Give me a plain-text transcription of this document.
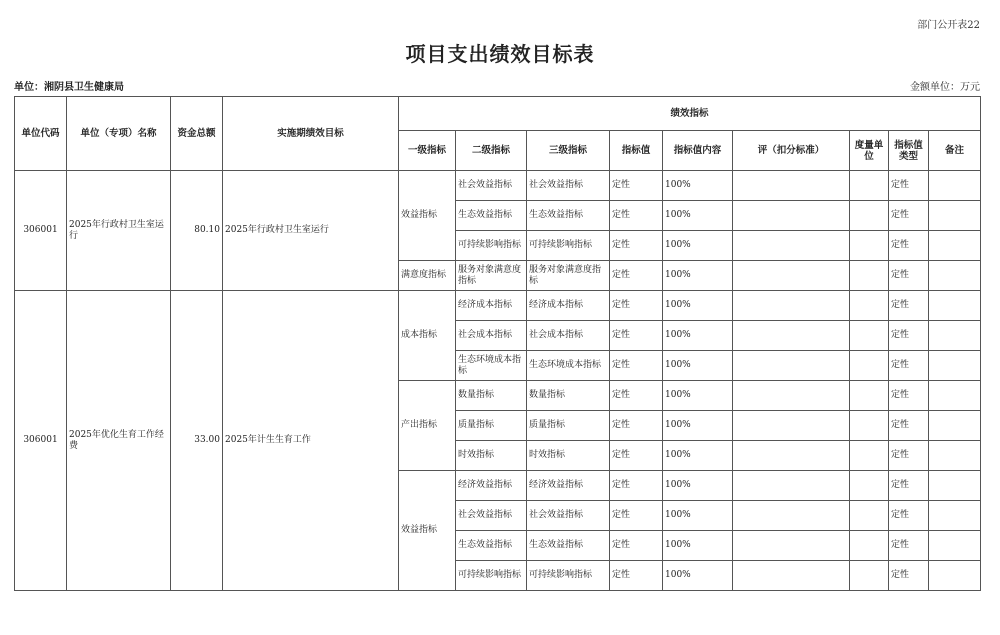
部门公开表22
项目支出绩效目标表
单位：湘阴县卫生健康局	金额单位：万元
单位代码	单位（专项）名称	资金总额	实施期绩效目标	绩效指标								
				一级指标	二级指标	三级指标	指标值	指标值内容	评（扣分标准）	度量单位	指标值类型	备注
306001	2025年行政村卫生室运行	80.10	2025年行政村卫生室运行	效益指标	社会效益指标	社会效益指标	定性	100%			定性	
					生态效益指标	生态效益指标	定性	100%			定性	
					可持续影响指标	可持续影响指标	定性	100%			定性	
				满意度指标	服务对象满意度指标	服务对象满意度指标	定性	100%			定性	
306001	2025年优化生育工作经费	33.00	2025年计生生育工作	成本指标	经济成本指标	经济成本指标	定性	100%			定性	
					社会成本指标	社会成本指标	定性	100%			定性	
					生态环境成本指标	生态环境成本指标	定性	100%			定性	
				产出指标	数量指标	数量指标	定性	100%			定性	
					质量指标	质量指标	定性	100%			定性	
					时效指标	时效指标	定性	100%			定性	
				效益指标	经济效益指标	经济效益指标	定性	100%			定性	
					社会效益指标	社会效益指标	定性	100%			定性	
					生态效益指标	生态效益指标	定性	100%			定性	
					可持续影响指标	可持续影响指标	定性	100%			定性	
